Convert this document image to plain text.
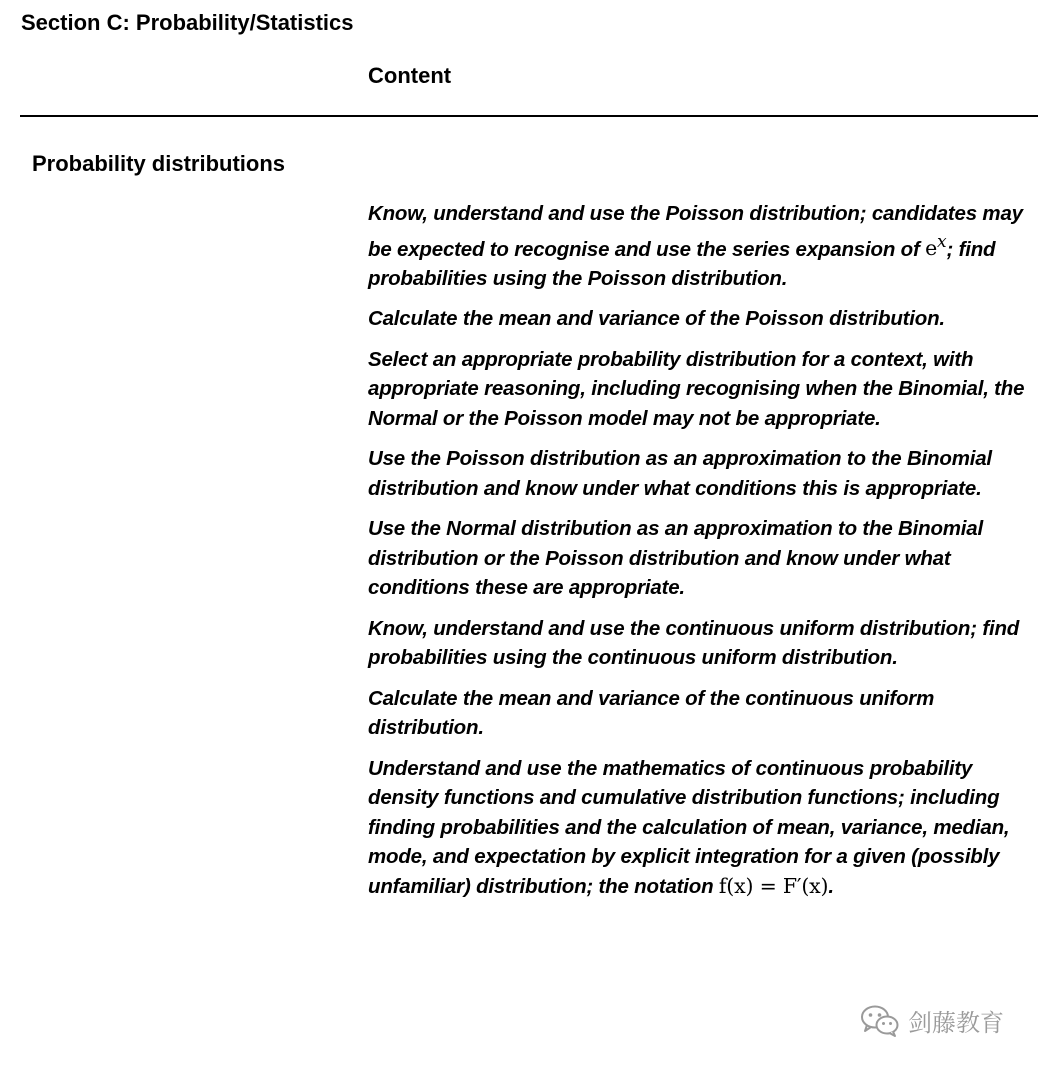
Section C: Probability/Statistics
Content
Probability distributions
Know, understand and use the Poisson distribution; candidates may be expected to recognise and use the series expansion of $e^x$; find probabilities using the Poisson distribution.
Calculate the mean and variance of the Poisson distribution.
Select an appropriate probability distribution for a context, with appropriate reasoning, including recognising when the Binomial, the Normal or the Poisson model may not be appropriate.
Use the Poisson distribution as an approximation to the Binomial distribution and know under what conditions this is appropriate.
Use the Normal distribution as an approximation to the Binomial distribution or the Poisson distribution and know under what conditions these are appropriate.
Know, understand and use the continuous uniform distribution; find probabilities using the continuous uniform distribution.
Calculate the mean and variance of the continuous uniform distribution.
Understand and use the mathematics of continuous probability density functions and cumulative distribution functions; including finding probabilities and the calculation of mean, variance, median, mode, and expectation by explicit integration for a given (possibly unfamiliar) distribution; the notation f(x) = F′(x).
剑藤教育
